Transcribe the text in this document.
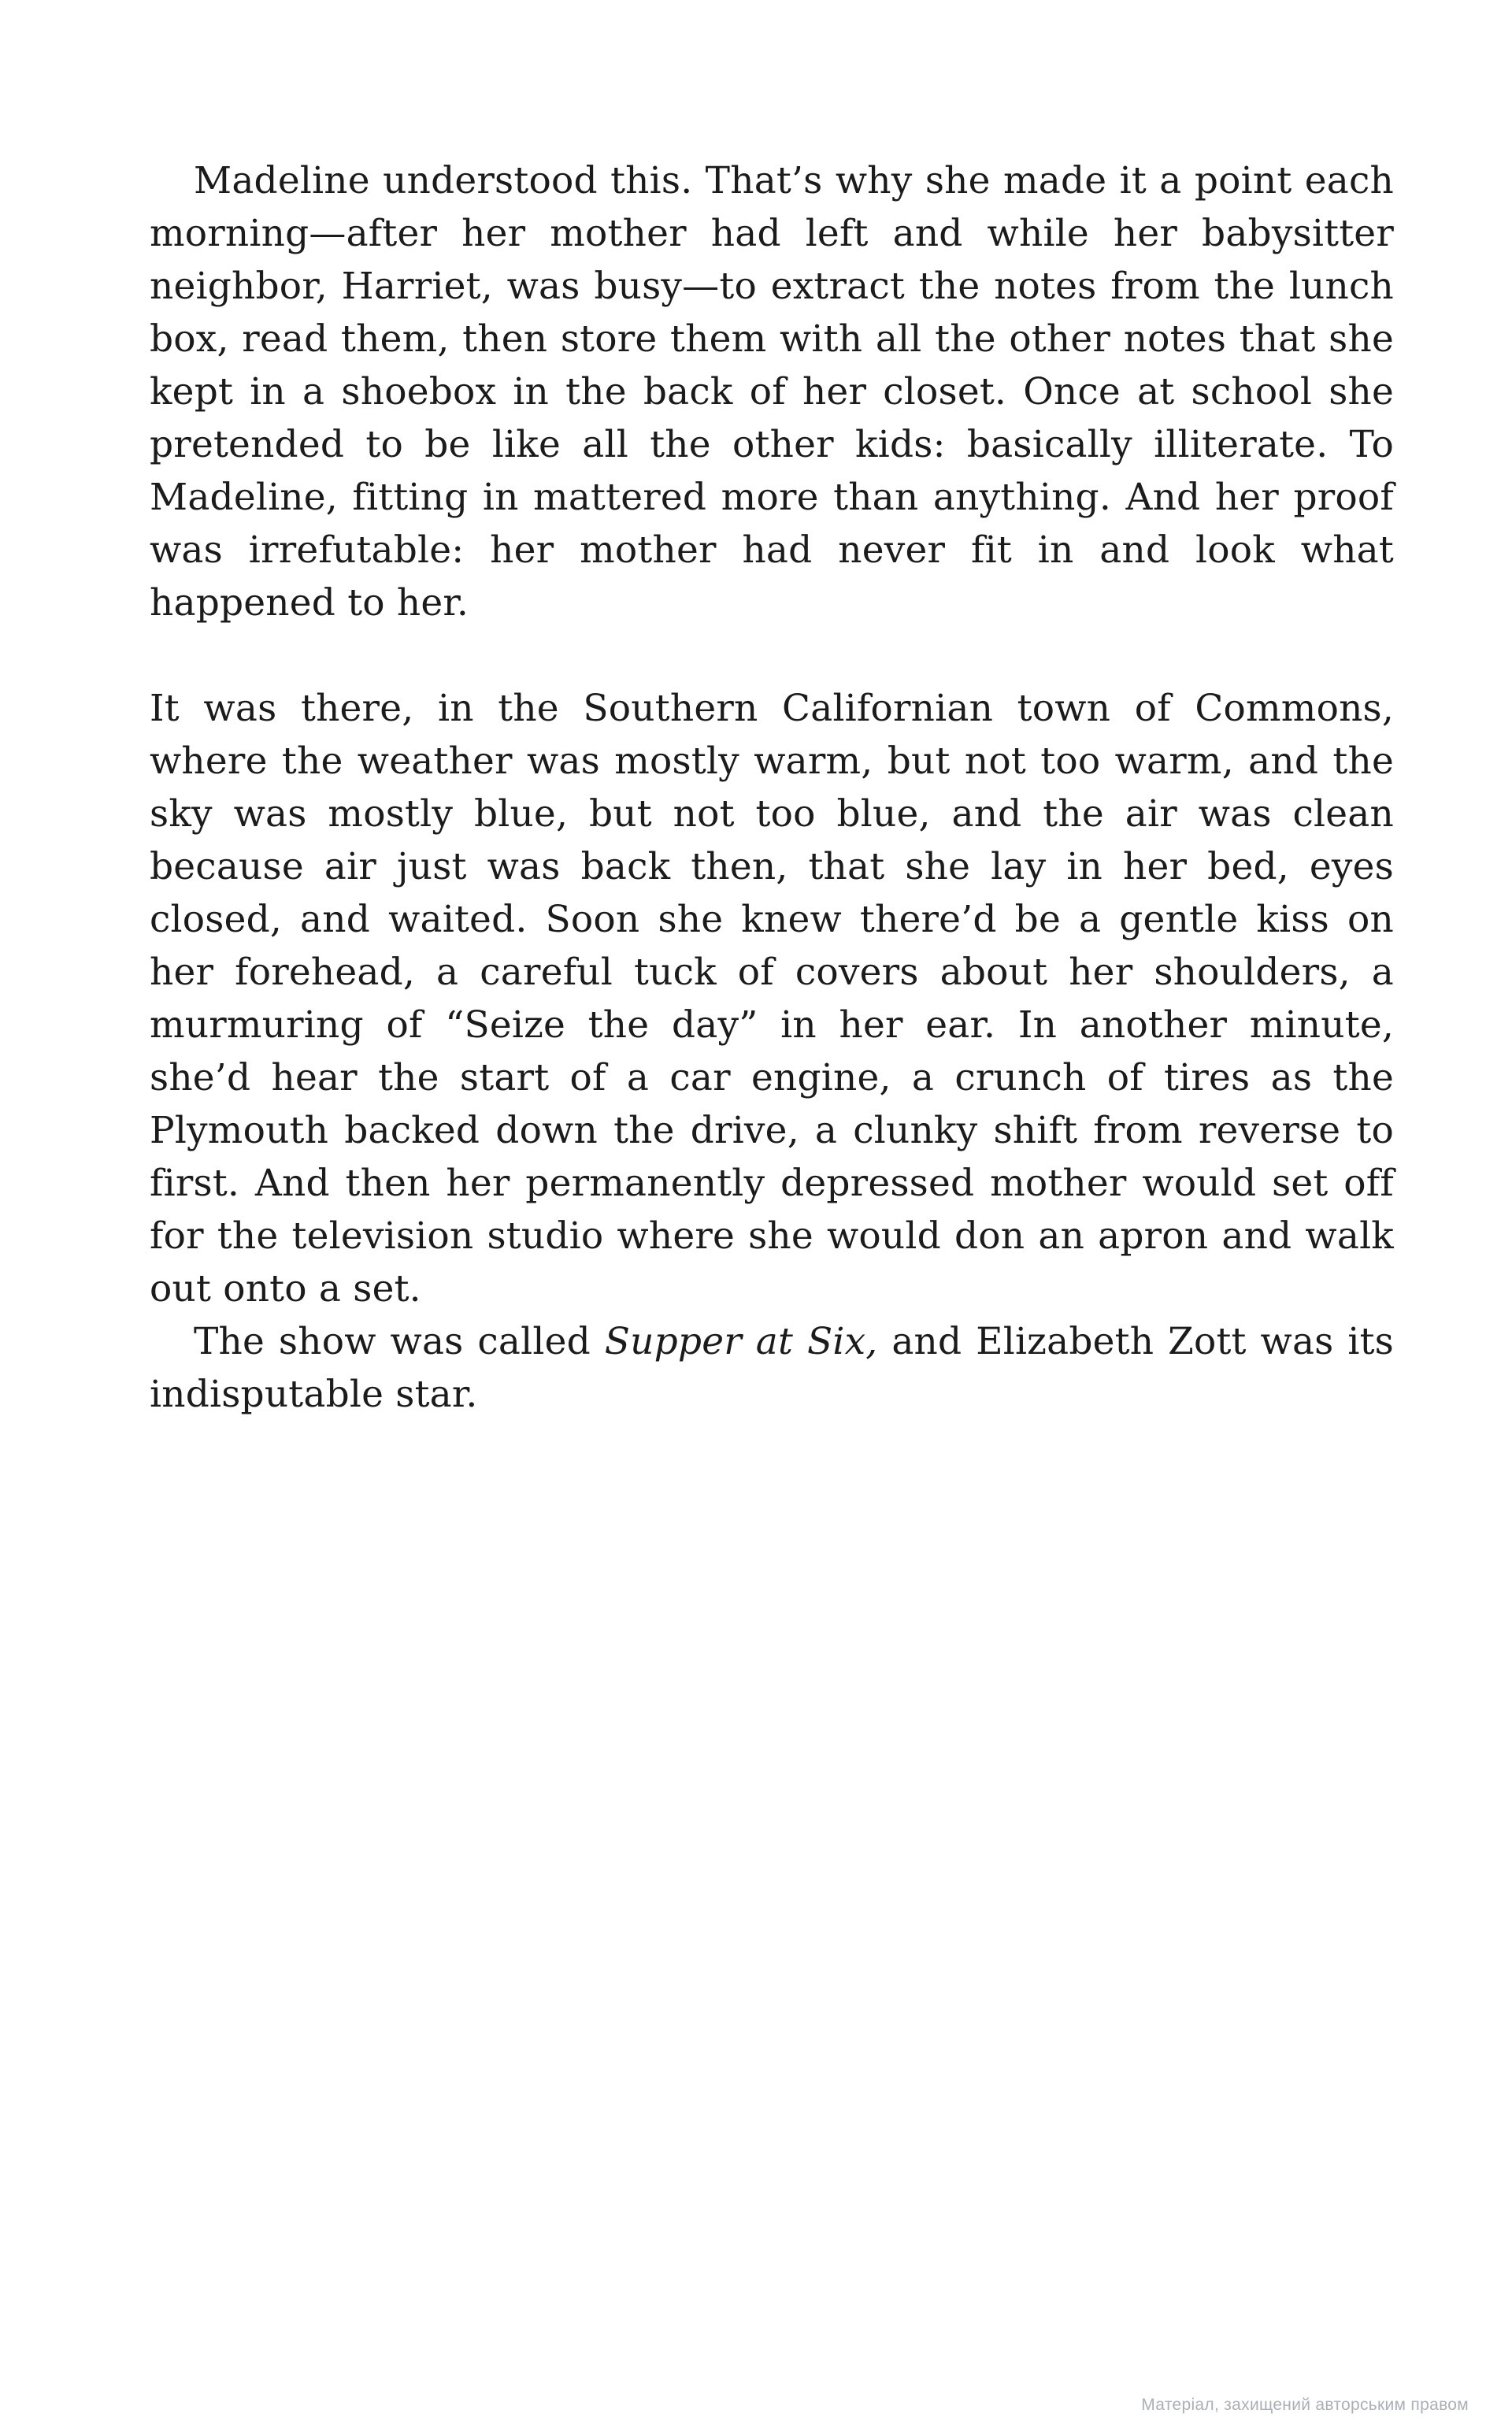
Madeline understood this. That’s why she made it a point each morning—after her mother had left and while her babysitter neighbor, Harriet, was busy—to extract the notes from the lunch box, read them, then store them with all the other notes that she kept in a shoebox in the back of her closet. Once at school she pretended to be like all the other kids: basically illiterate. To Madeline, fitting in mattered more than anything. And her proof was irrefutable: her mother had never fit in and look what happened to her.

It was there, in the Southern Californian town of Commons, where the weather was mostly warm, but not too warm, and the sky was mostly blue, but not too blue, and the air was clean because air just was back then, that she lay in her bed, eyes closed, and waited. Soon she knew there’d be a gentle kiss on her forehead, a careful tuck of covers about her shoulders, a murmuring of “Seize the day” in her ear. In another minute, she’d hear the start of a car engine, a crunch of tires as the Plymouth backed down the drive, a clunky shift from reverse to first. And then her permanently depressed mother would set off for the television studio where she would don an apron and walk out onto a set.

The show was called Supper at Six, and Elizabeth Zott was its indisputable star.

Матеріал, захищений авторським правом
